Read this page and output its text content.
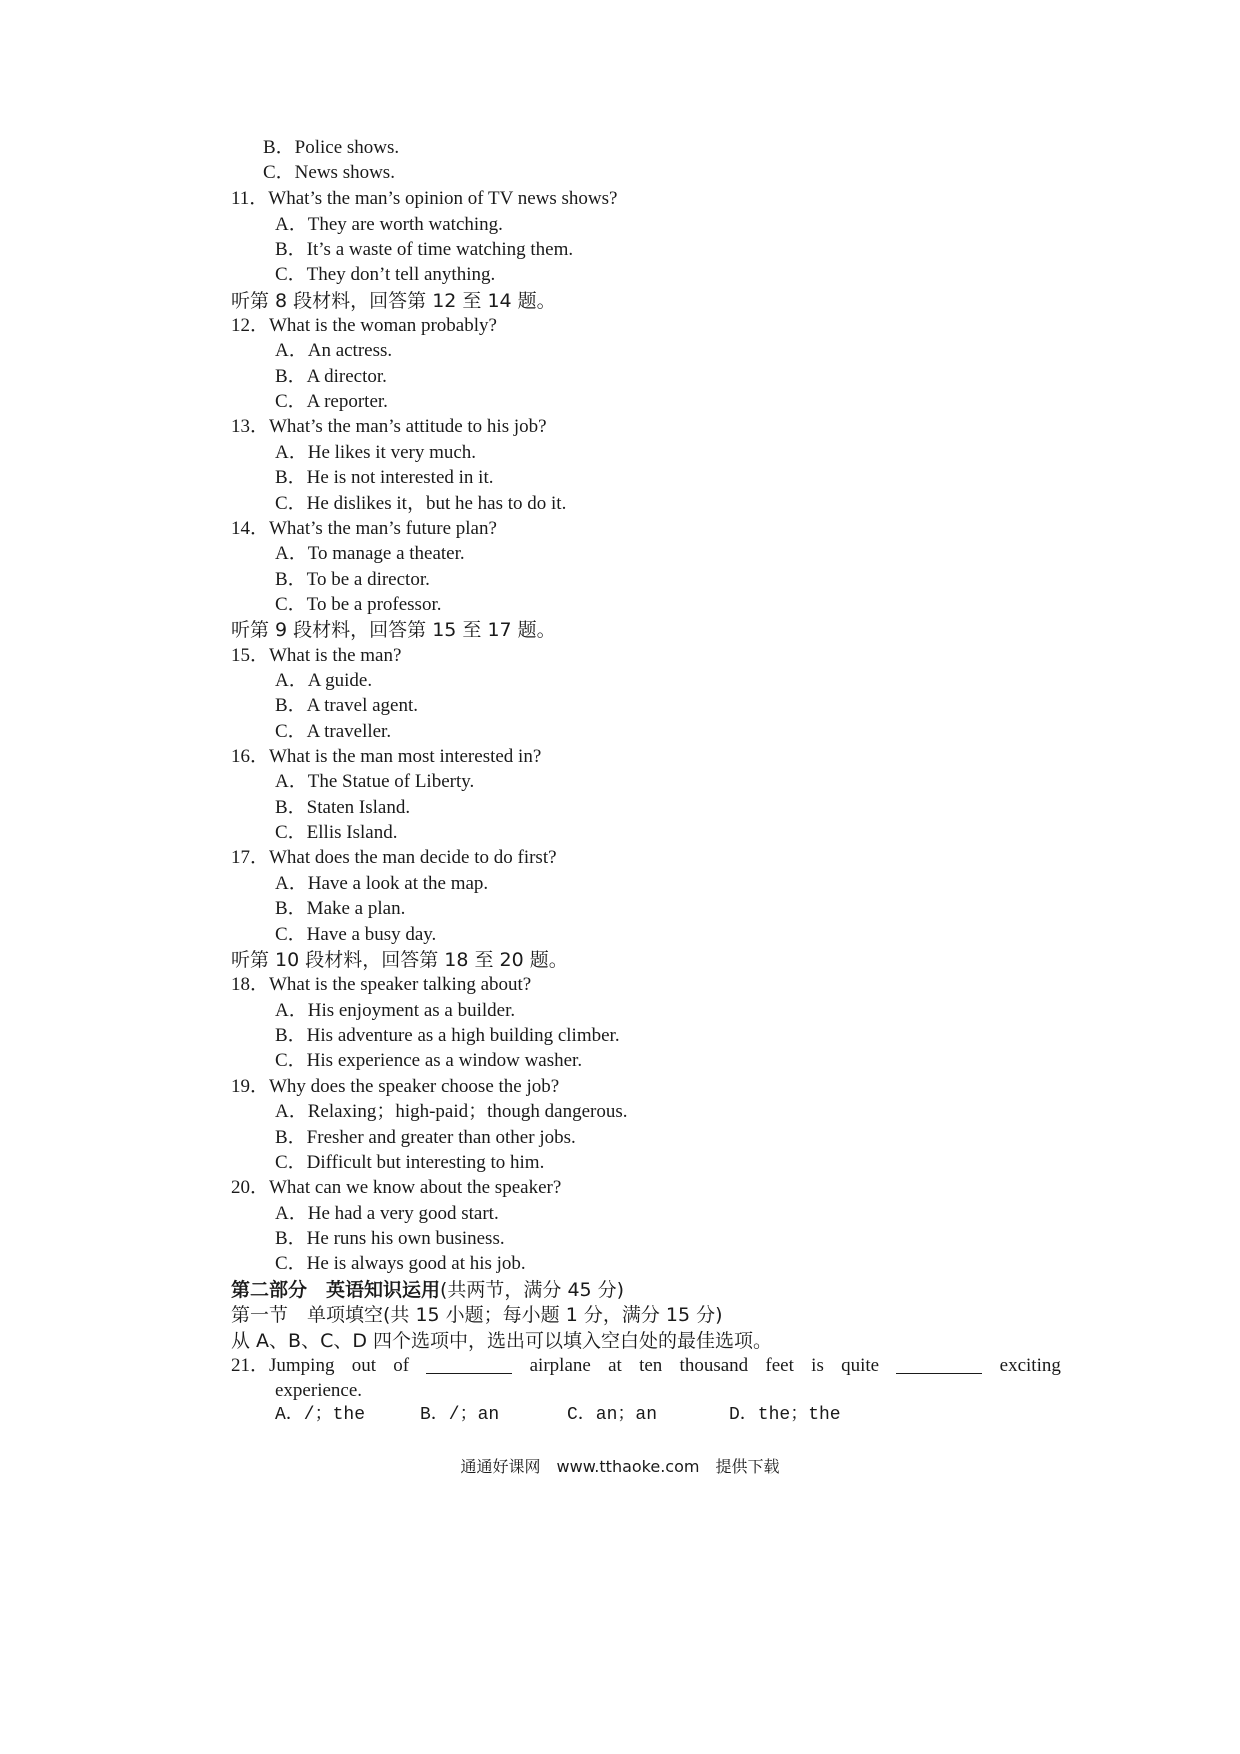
B．Police shows.
C．News shows.
11．What’s the man’s opinion of TV news shows?
A．They are worth watching.
B．It’s a waste of time watching them.
C．They don’t tell anything.
听第 8 段材料，回答第 12 至 14 题。
12．What is the woman probably?
A．An actress.
B．A director.
C．A reporter.
13．What’s the man’s attitude to his job?
A．He likes it very much.
B．He is not interested in it.
C．He dislikes it，but he has to do it.
14．What’s the man’s future plan?
A．To manage a theater.
B．To be a director.
C．To be a professor.
听第 9 段材料，回答第 15 至 17 题。
15．What is the man?
A．A guide.
B．A travel agent.
C．A traveller.
16．What is the man most interested in?
A．The Statue of Liberty.
B．Staten Island.
C．Ellis Island.
17．What does the man decide to do first?
A．Have a look at the map.
B．Make a plan.
C．Have a busy day.
听第 10 段材料，回答第 18 至 20 题。
18．What is the speaker talking about?
A．His enjoyment as a builder.
B．His adventure as a high building climber.
C．His experience as a window washer.
19．Why does the speaker choose the job?
A．Relaxing；high-paid；though dangerous.
B．Fresher and greater than other jobs.
C．Difficult but interesting to him.
20．What can we know about the speaker?
A．He had a very good start.
B．He runs his own business.
C．He is always good at his job.
第二部分　英语知识运用(共两节，满分 45 分)
第一节　单项填空(共 15 小题；每小题 1 分，满分 15 分)
从 A、B、C、D 四个选项中，选出可以填入空白处的最佳选项。
21．Jumping out of	airplane at ten thousand feet is quite	exciting
experience.
A．/；the	B．/；an	C．an；an	D．the；the
通通好课网　www.tthaoke.com　提供下载
